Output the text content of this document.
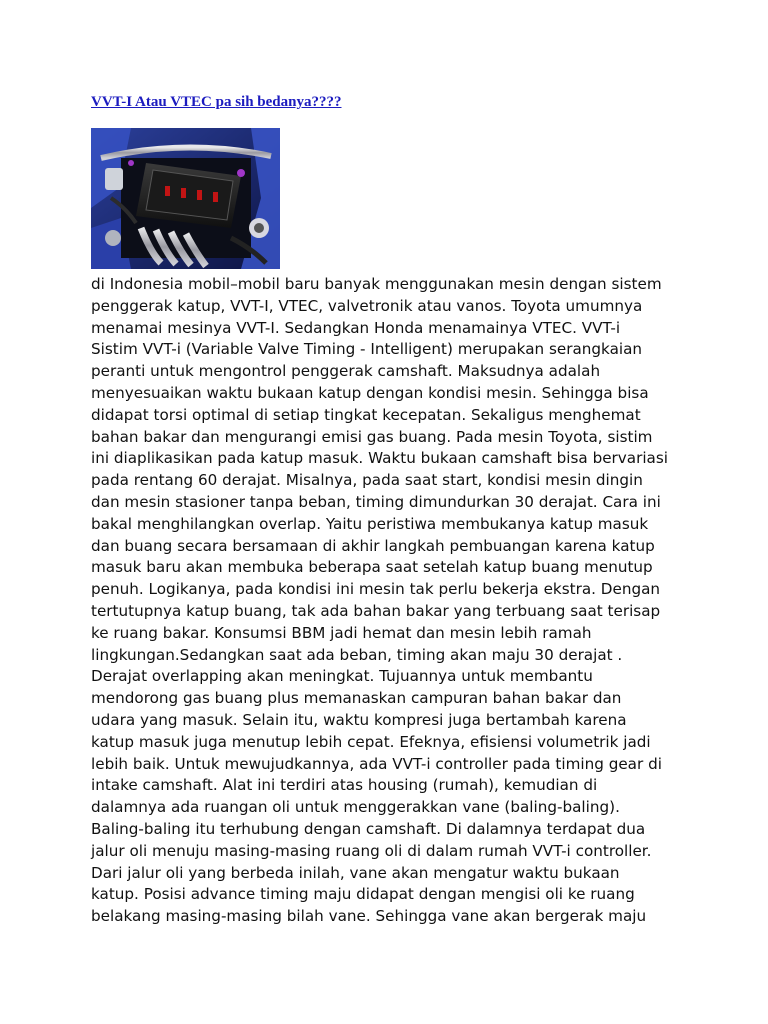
VVT-I Atau VTEC pa sih bedanya????
di Indonesia mobil–mobil baru banyak menggunakan mesin dengan sistem
penggerak katup, VVT-I, VTEC, valvetronik atau vanos. Toyota umumnya
menamai mesinya VVT-I. Sedangkan Honda menamainya VTEC. VVT-i
Sistim VVT-i (Variable Valve Timing - Intelligent) merupakan serangkaian
peranti untuk mengontrol penggerak camshaft. Maksudnya adalah
menyesuaikan waktu bukaan katup dengan kondisi mesin. Sehingga bisa
didapat torsi optimal di setiap tingkat kecepatan. Sekaligus menghemat
bahan bakar dan mengurangi emisi gas buang. Pada mesin Toyota, sistim
ini diaplikasikan pada katup masuk. Waktu bukaan camshaft bisa bervariasi
pada rentang 60 derajat. Misalnya, pada saat start, kondisi mesin dingin
dan mesin stasioner tanpa beban, timing dimundurkan 30 derajat. Cara ini
bakal menghilangkan overlap. Yaitu peristiwa membukanya katup masuk
dan buang secara bersamaan di akhir langkah pembuangan karena katup
masuk baru akan membuka beberapa saat setelah katup buang menutup
penuh. Logikanya, pada kondisi ini mesin tak perlu bekerja ekstra. Dengan
tertutupnya katup buang, tak ada bahan bakar yang terbuang saat terisap
ke ruang bakar. Konsumsi BBM jadi hemat dan mesin lebih ramah
lingkungan.Sedangkan saat ada beban, timing akan maju 30 derajat .
Derajat overlapping akan meningkat. Tujuannya untuk membantu
mendorong gas buang plus memanaskan campuran bahan bakar dan
udara yang masuk. Selain itu, waktu kompresi juga bertambah karena
katup masuk juga menutup lebih cepat. Efeknya, efisiensi volumetrik jadi
lebih baik. Untuk mewujudkannya, ada VVT-i controller pada timing gear di
intake camshaft. Alat ini terdiri atas housing (rumah), kemudian di
dalamnya ada ruangan oli untuk menggerakkan vane (baling-baling).
Baling-baling itu terhubung dengan camshaft. Di dalamnya terdapat dua
jalur oli menuju masing-masing ruang oli di dalam rumah VVT-i controller.
Dari jalur oli yang berbeda inilah, vane akan mengatur waktu bukaan
katup. Posisi advance timing maju didapat dengan mengisi oli ke ruang
belakang masing-masing bilah vane. Sehingga vane akan bergerak maju
